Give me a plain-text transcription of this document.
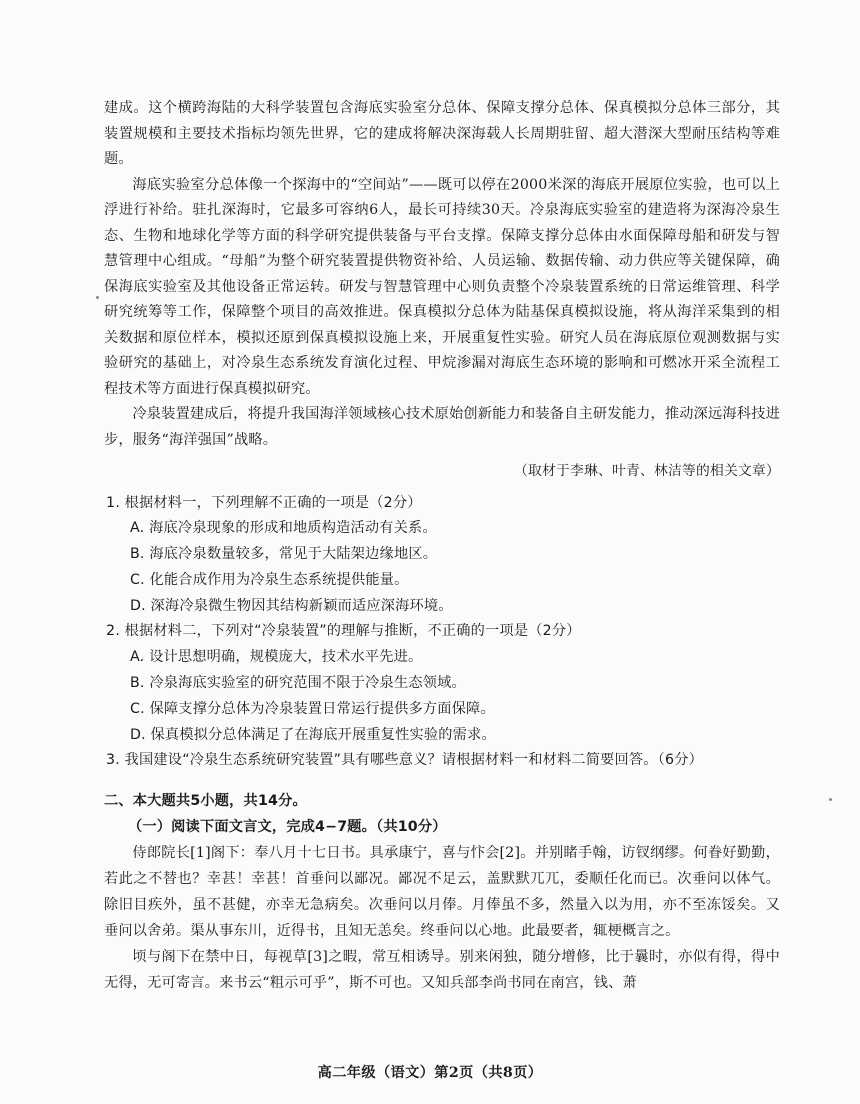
建成。这个横跨海陆的大科学装置包含海底实验室分总体、保障支撑分总体、保真模拟分总体三部分，其装置规模和主要技术指标均领先世界，它的建成将解决深海载人长周期驻留、超大潜深大型耐压结构等难题。

海底实验室分总体像一个探海中的“空间站”——既可以停在2000米深的海底开展原位实验，也可以上浮进行补给。驻扎深海时，它最多可容纳6人，最长可持续30天。冷泉海底实验室的建造将为深海冷泉生态、生物和地球化学等方面的科学研究提供装备与平台支撑。保障支撑分总体由水面保障母船和研发与智慧管理中心组成。“母船”为整个研究装置提供物资补给、人员运输、数据传输、动力供应等关键保障，确保海底实验室及其他设备正常运转。研发与智慧管理中心则负责整个冷泉装置系统的日常运维管理、科学研究统筹等工作，保障整个项目的高效推进。保真模拟分总体为陆基保真模拟设施，将从海洋采集到的相关数据和原位样本，模拟还原到保真模拟设施上来，开展重复性实验。研究人员在海底原位观测数据与实验研究的基础上，对冷泉生态系统发育演化过程、甲烷渗漏对海底生态环境的影响和可燃冰开采全流程工程技术等方面进行保真模拟研究。

冷泉装置建成后，将提升我国海洋领域核心技术原始创新能力和装备自主研发能力，推动深远海科技进步，服务“海洋强国”战略。

（取材于李琳、叶青、林洁等的相关文章）

1. 根据材料一，下列理解不正确的一项是（2分）

A. 海底冷泉现象的形成和地质构造活动有关系。

B. 海底冷泉数量较多，常见于大陆架边缘地区。

C. 化能合成作用为冷泉生态系统提供能量。

D. 深海冷泉微生物因其结构新颖而适应深海环境。

2. 根据材料二，下列对“冷泉装置”的理解与推断，不正确的一项是（2分）

A. 设计思想明确，规模庞大，技术水平先进。

B. 冷泉海底实验室的研究范围不限于冷泉生态领域。

C. 保障支撑分总体为冷泉装置日常运行提供多方面保障。

D. 保真模拟分总体满足了在海底开展重复性实验的需求。

3. 我国建设“冷泉生态系统研究装置”具有哪些意义？请根据材料一和材料二简要回答。（6分）

二、本大题共5小题，共14分。

（一）阅读下面文言文，完成4−7题。（共10分）

侍郎院长[1]阁下：奉八月十七日书。具承康宁，喜与忭会[2]。并别睹手翰，访钗纲缪。何眷好勤勤，若此之不替也？幸甚！幸甚！首垂问以鄙况。鄙况不足云，盖默默兀兀，委顺任化而已。次垂问以体气。除旧目疾外，虽不甚健，亦幸无急病矣。次垂问以月俸。月俸虽不多，然量入以为用，亦不至冻馁矣。又垂问以舍弟。渠从事东川，近得书，且知无恙矣。终垂问以心地。此最要者，辄梗概言之。

顷与阁下在禁中日，每视草[3]之暇，常互相诱导。别来闲独，随分增修，比于曩时，亦似有得，得中无得，无可寄言。来书云“粗示可乎”，斯不可也。又知兵部李尚书同在南宫，钱、萧

高二年级（语文）第2页（共8页）
